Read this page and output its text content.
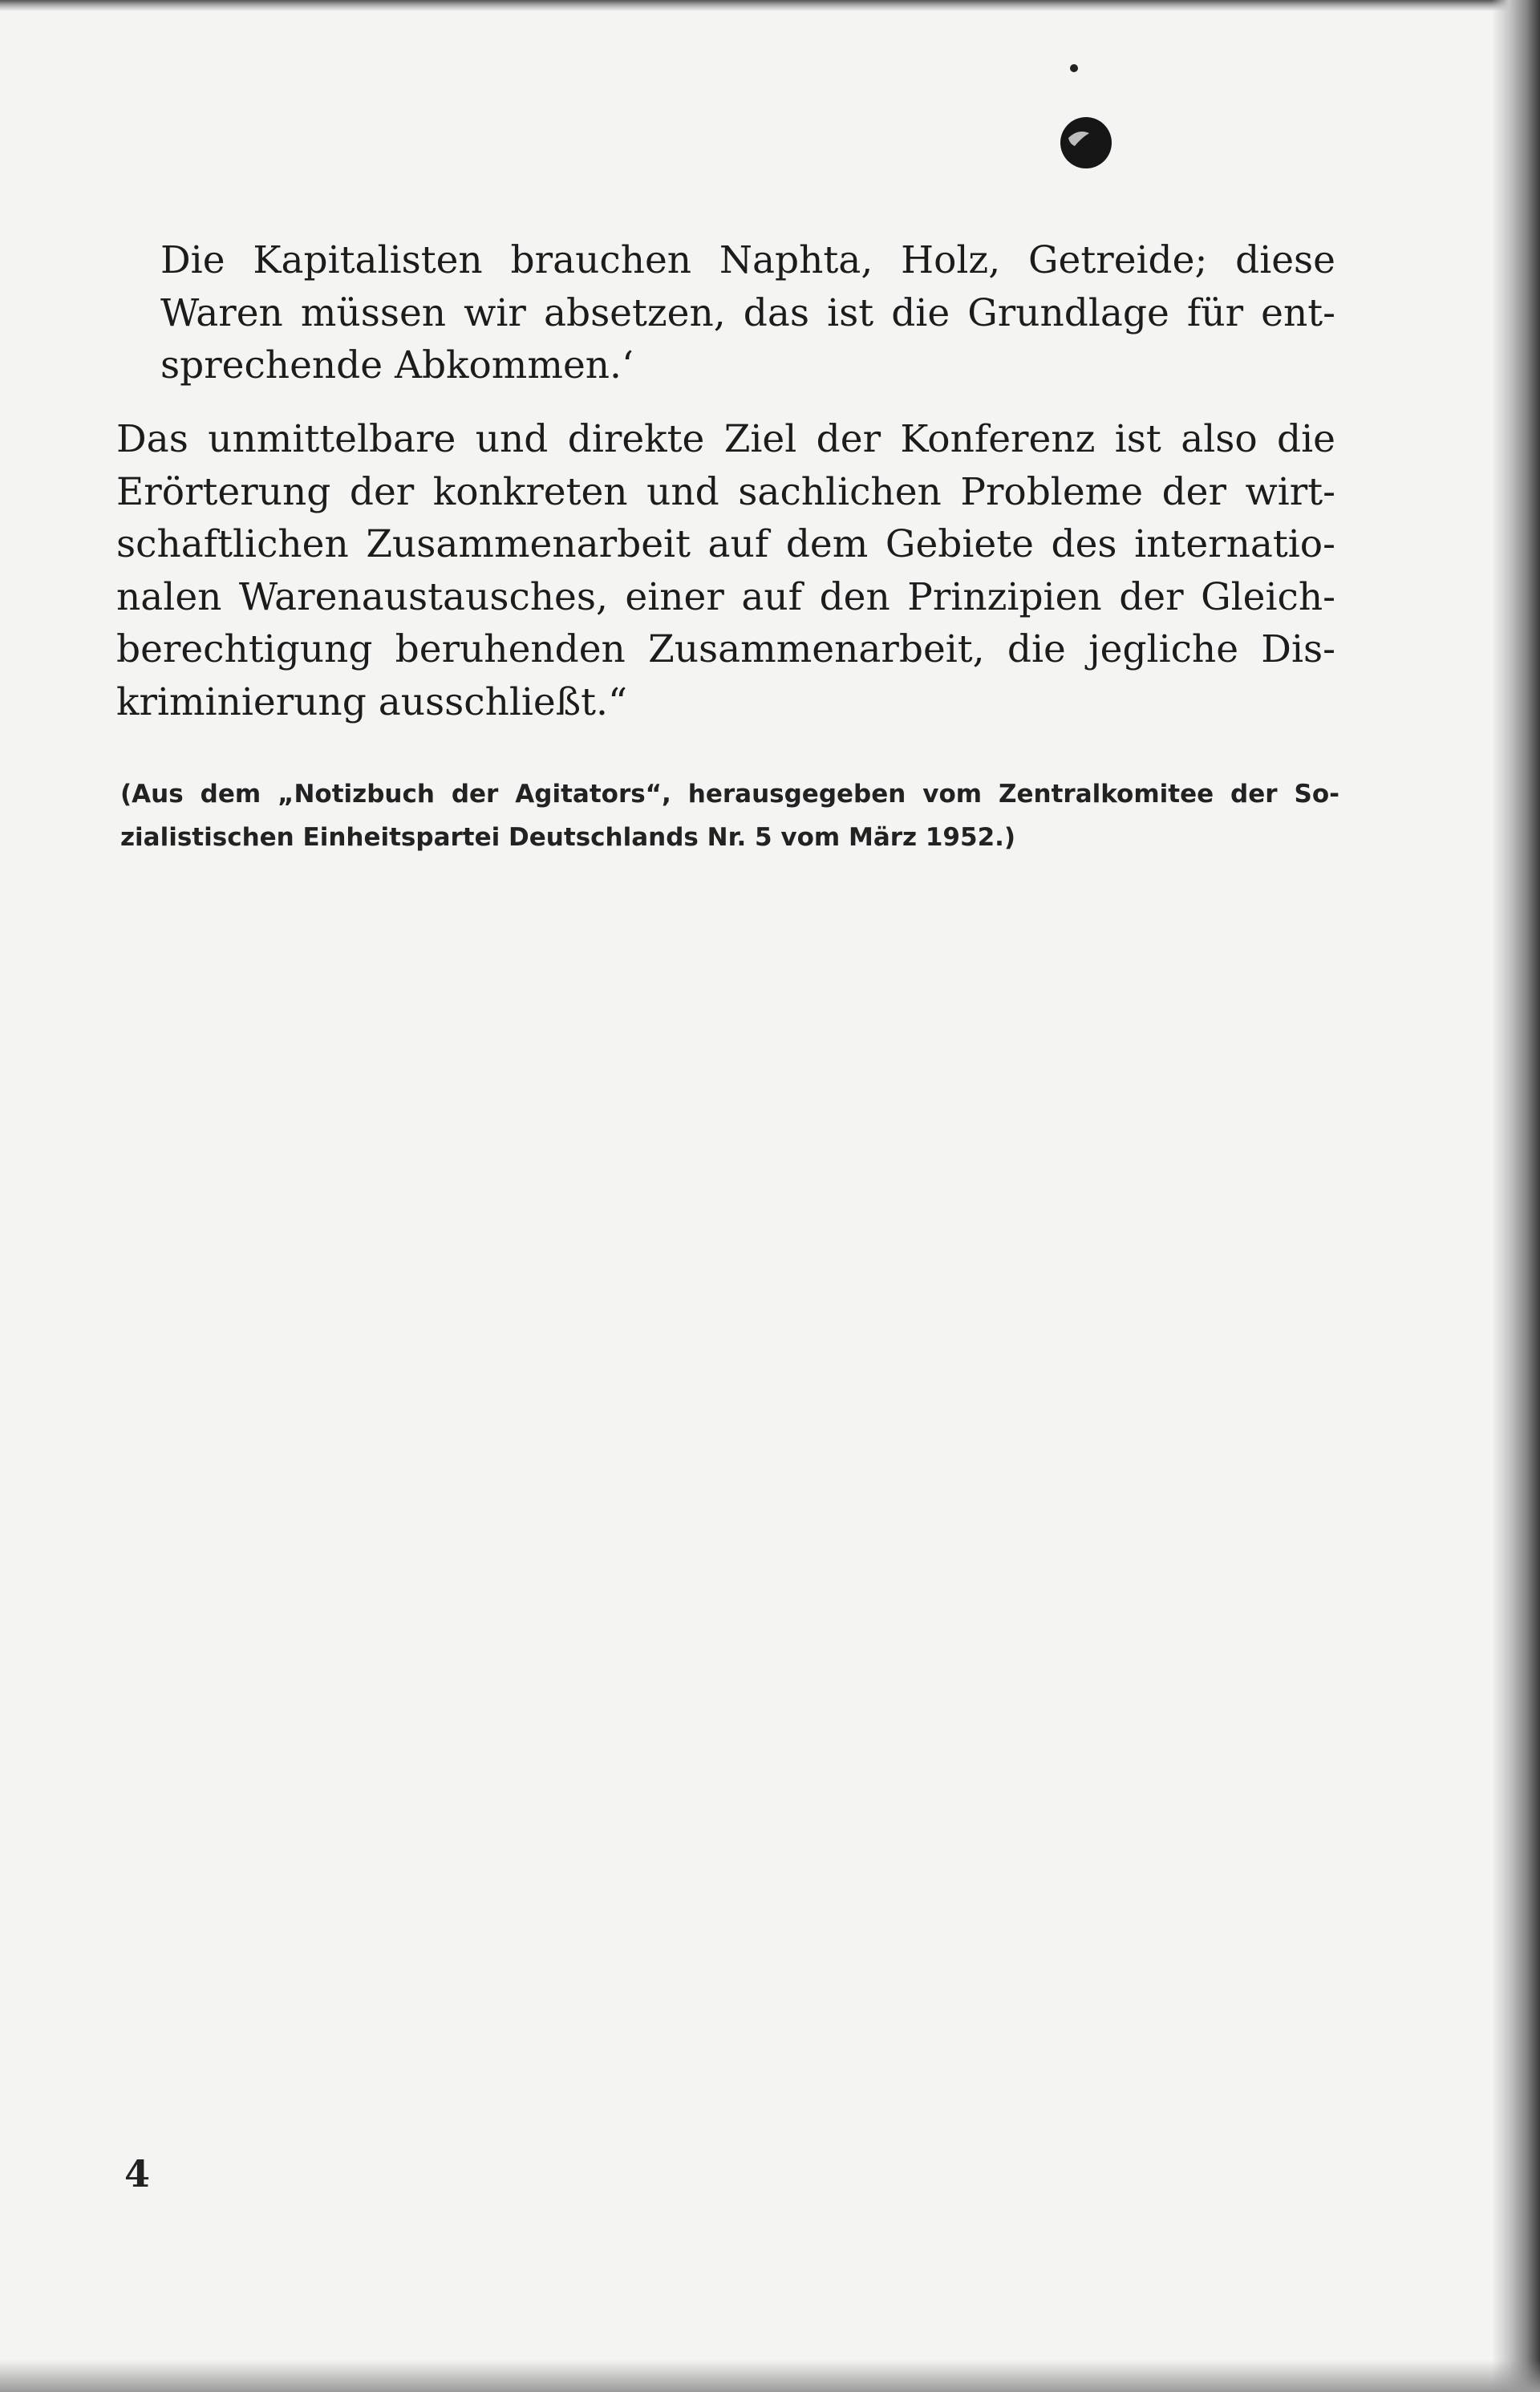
Die Kapitalisten brauchen Naphta, Holz, Getreide; diese
Waren müssen wir absetzen, das ist die Grundlage für ent-
sprechende Abkommen.‘

Das unmittelbare und direkte Ziel der Konferenz ist also die
Erörterung der konkreten und sachlichen Probleme der wirt-
schaftlichen Zusammenarbeit auf dem Gebiete des internatio-
nalen Warenaustausches, einer auf den Prinzipien der Gleich-
berechtigung beruhenden Zusammenarbeit, die jegliche Dis-
kriminierung ausschließt.“

(Aus dem „Notizbuch der Agitators“, herausgegeben vom Zentralkomitee der So-
zialistischen Einheitspartei Deutschlands Nr. 5 vom März 1952.)

4
